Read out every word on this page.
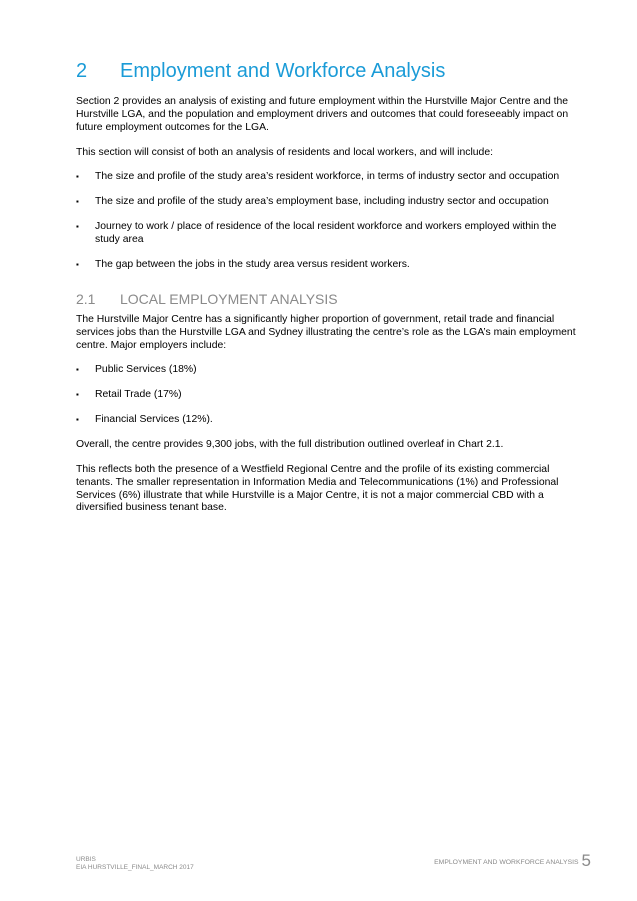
2 Employment and Workforce Analysis

Section 2 provides an analysis of existing and future employment within the Hurstville Major Centre and the Hurstville LGA, and the population and employment drivers and outcomes that could foreseeably impact on future employment outcomes for the LGA.

This section will consist of both an analysis of residents and local workers, and will include:

▪ The size and profile of the study area’s resident workforce, in terms of industry sector and occupation
▪ The size and profile of the study area’s employment base, including industry sector and occupation
▪ Journey to work / place of residence of the local resident workforce and workers employed within the study area
▪ The gap between the jobs in the study area versus resident workers.
2.1 LOCAL EMPLOYMENT ANALYSIS

The Hurstville Major Centre has a significantly higher proportion of government, retail trade and financial services jobs than the Hurstville LGA and Sydney illustrating the centre’s role as the LGA’s main employment centre. Major employers include:

▪ Public Services (18%)
▪ Retail Trade (17%)
▪ Financial Services (12%).

Overall, the centre provides 9,300 jobs, with the full distribution outlined overleaf in Chart 2.1.

This reflects both the presence of a Westfield Regional Centre and the profile of its existing commercial tenants. The smaller representation in Information Media and Telecommunications (1%) and Professional Services (6%) illustrate that while Hurstville is a Major Centre, it is not a major commercial CBD with a diversified business tenant base.

URBIS
EIA HURSTVILLE_FINAL_MARCH 2017
EMPLOYMENT AND WORKFORCE ANALYSIS 5
